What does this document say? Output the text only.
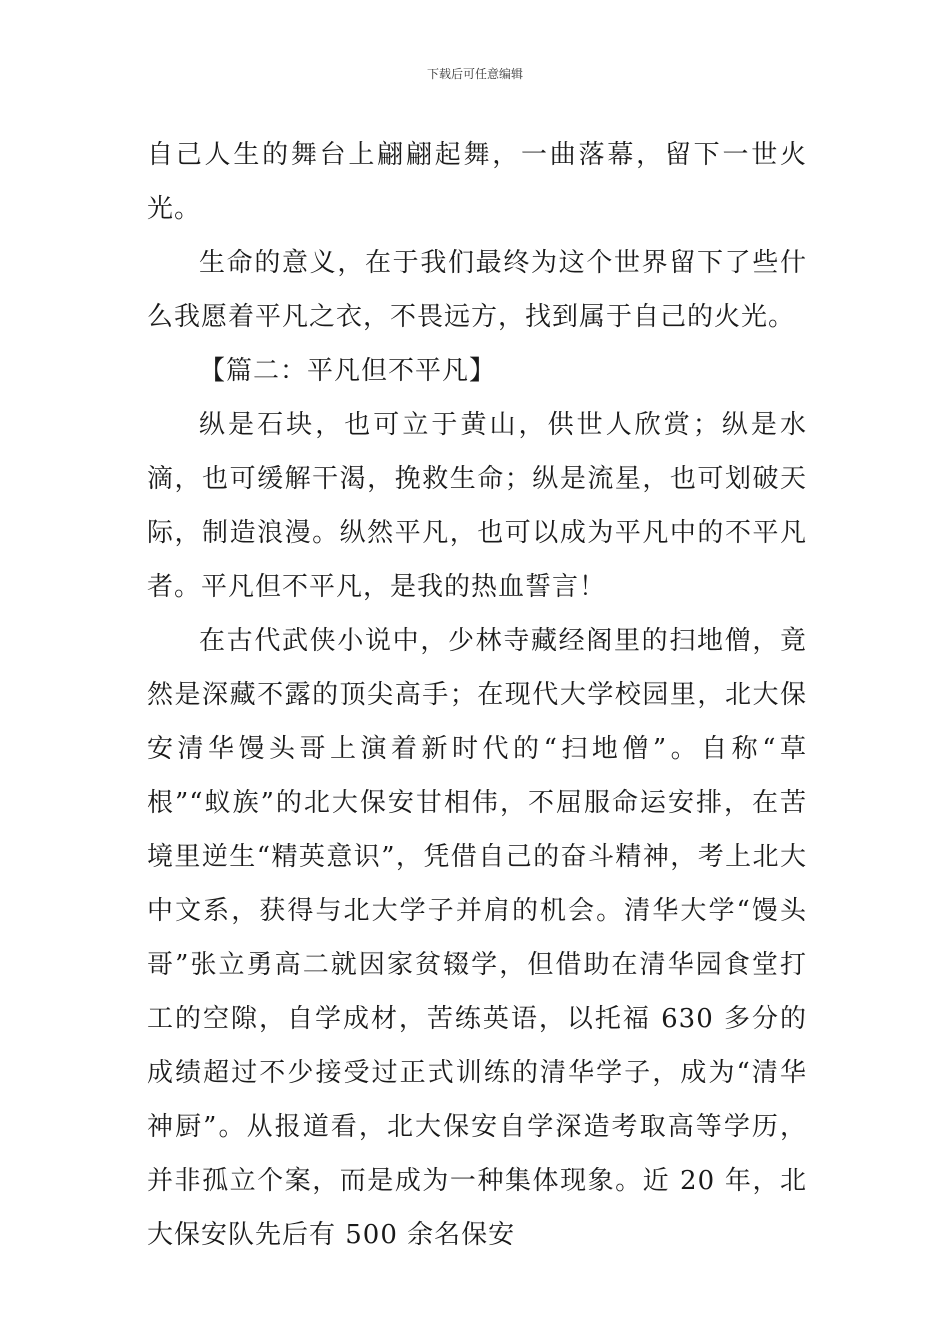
下载后可任意编辑

自己人生的舞台上翩翩起舞，一曲落幕，留下一世火光。

生命的意义，在于我们最终为这个世界留下了些什么我愿着平凡之衣，不畏远方，找到属于自己的火光。

【篇二：平凡但不平凡】

纵是石块，也可立于黄山，供世人欣赏；纵是水滴，也可缓解干渴，挽救生命；纵是流星，也可划破天际，制造浪漫。纵然平凡，也可以成为平凡中的不平凡者。平凡但不平凡，是我的热血誓言！

在古代武侠小说中，少林寺藏经阁里的扫地僧，竟然是深藏不露的顶尖高手；在现代大学校园里，北大保安清华馒头哥上演着新时代的“扫地僧”。自称“草根”“蚁族”的北大保安甘相伟，不屈服命运安排，在苦境里逆生“精英意识”，凭借自己的奋斗精神，考上北大中文系，获得与北大学子并肩的机会。清华大学“馒头哥”张立勇高二就因家贫辍学，但借助在清华园食堂打工的空隙，自学成材，苦练英语，以托福 630 多分的成绩超过不少接受过正式训练的清华学子，成为“清华神厨”。从报道看，北大保安自学深造考取高等学历，并非孤立个案，而是成为一种集体现象。近 20 年，北大保安队先后有 500 余名保安
